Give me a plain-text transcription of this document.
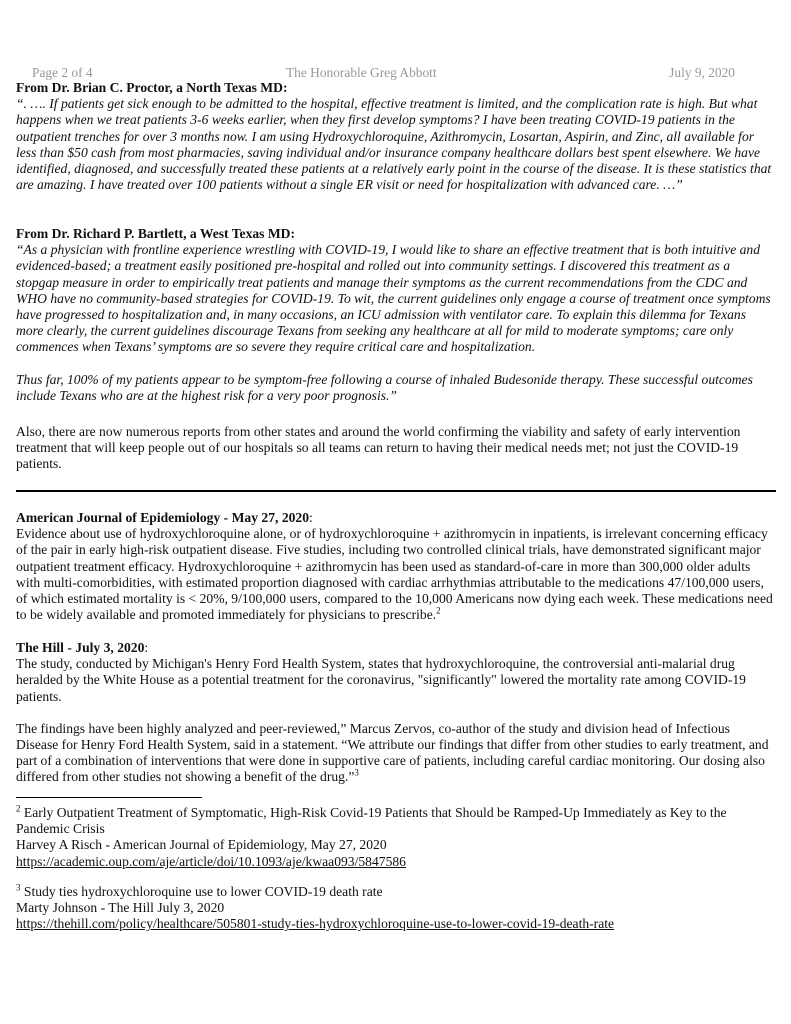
Page 2 of 4	The Honorable Greg Abbott	July 9, 2020

From Dr. Brian C. Proctor, a North Texas MD:

“. …. If patients get sick enough to be admitted to the hospital, effective treatment is limited, and the complication rate is high. But what happens when we treat patients 3-6 weeks earlier, when they first develop symptoms? I have been treating COVID-19 patients in the outpatient trenches for over 3 months now. I am using Hydroxychloroquine, Azithromycin, Losartan, Aspirin, and Zinc, all available for less than $50 cash from most pharmacies, saving individual and/or insurance company healthcare dollars best spent elsewhere. We have identified, diagnosed, and successfully treated these patients at a relatively early point in the course of the disease. It is these statistics that are amazing. I have treated over 100 patients without a single ER visit or need for hospitalization with advanced care. …”

From Dr. Richard P. Bartlett, a West Texas MD:

“As a physician with frontline experience wrestling with COVID-19, I would like to share an effective treatment that is both intuitive and evidenced-based; a treatment easily positioned pre-hospital and rolled out into community settings. I discovered this treatment as a stopgap measure in order to empirically treat patients and manage their symptoms as the current recommendations from the CDC and WHO have no community-based strategies for COVID-19. To wit, the current guidelines only engage a course of treatment once symptoms have progressed to hospitalization and, in many occasions, an ICU admission with ventilator care. To explain this dilemma for Texans more clearly, the current guidelines discourage Texans from seeking any healthcare at all for mild to moderate symptoms; care only commences when Texans’ symptoms are so severe they require critical care and hospitalization.

Thus far, 100% of my patients appear to be symptom-free following a course of inhaled Budesonide therapy. These successful outcomes include Texans who are at the highest risk for a very poor prognosis.”

Also, there are now numerous reports from other states and around the world confirming the viability and safety of early intervention treatment that will keep people out of our hospitals so all teams can return to having their medical needs met; not just the COVID-19 patients.

American Journal of Epidemiology - May 27, 2020:

Evidence about use of hydroxychloroquine alone, or of hydroxychloroquine + azithromycin in inpatients, is irrelevant concerning efficacy of the pair in early high-risk outpatient disease. Five studies, including two controlled clinical trials, have demonstrated significant major outpatient treatment efficacy. Hydroxychloroquine + azithromycin has been used as standard-of-care in more than 300,000 older adults with multi-comorbidities, with estimated proportion diagnosed with cardiac arrhythmias attributable to the medications 47/100,000 users, of which estimated mortality is < 20%, 9/100,000 users, compared to the 10,000 Americans now dying each week. These medications need to be widely available and promoted immediately for physicians to prescribe.$^2$

The Hill - July 3, 2020:

The study, conducted by Michigan's Henry Ford Health System, states that hydroxychloroquine, the controversial anti-malarial drug heralded by the White House as a potential treatment for the coronavirus, "significantly" lowered the mortality rate among COVID-19 patients.

The findings have been highly analyzed and peer-reviewed,” Marcus Zervos, co-author of the study and division head of Infectious Disease for Henry Ford Health System, said in a statement. “We attribute our findings that differ from other studies to early treatment, and part of a combination of interventions that were done in supportive care of patients, including careful cardiac monitoring. Our dosing also differed from other studies not showing a benefit of the drug.”$^3$

$^2$ Early Outpatient Treatment of Symptomatic, High-Risk Covid-19 Patients that Should be Ramped-Up Immediately as Key to the Pandemic Crisis

Harvey A Risch - American Journal of Epidemiology, May 27, 2020

https://academic.oup.com/aje/article/doi/10.1093/aje/kwaa093/5847586

$^3$ Study ties hydroxychloroquine use to lower COVID-19 death rate

Marty Johnson - The Hill July 3, 2020

https://thehill.com/policy/healthcare/505801-study-ties-hydroxychloroquine-use-to-lower-covid-19-death-rate
